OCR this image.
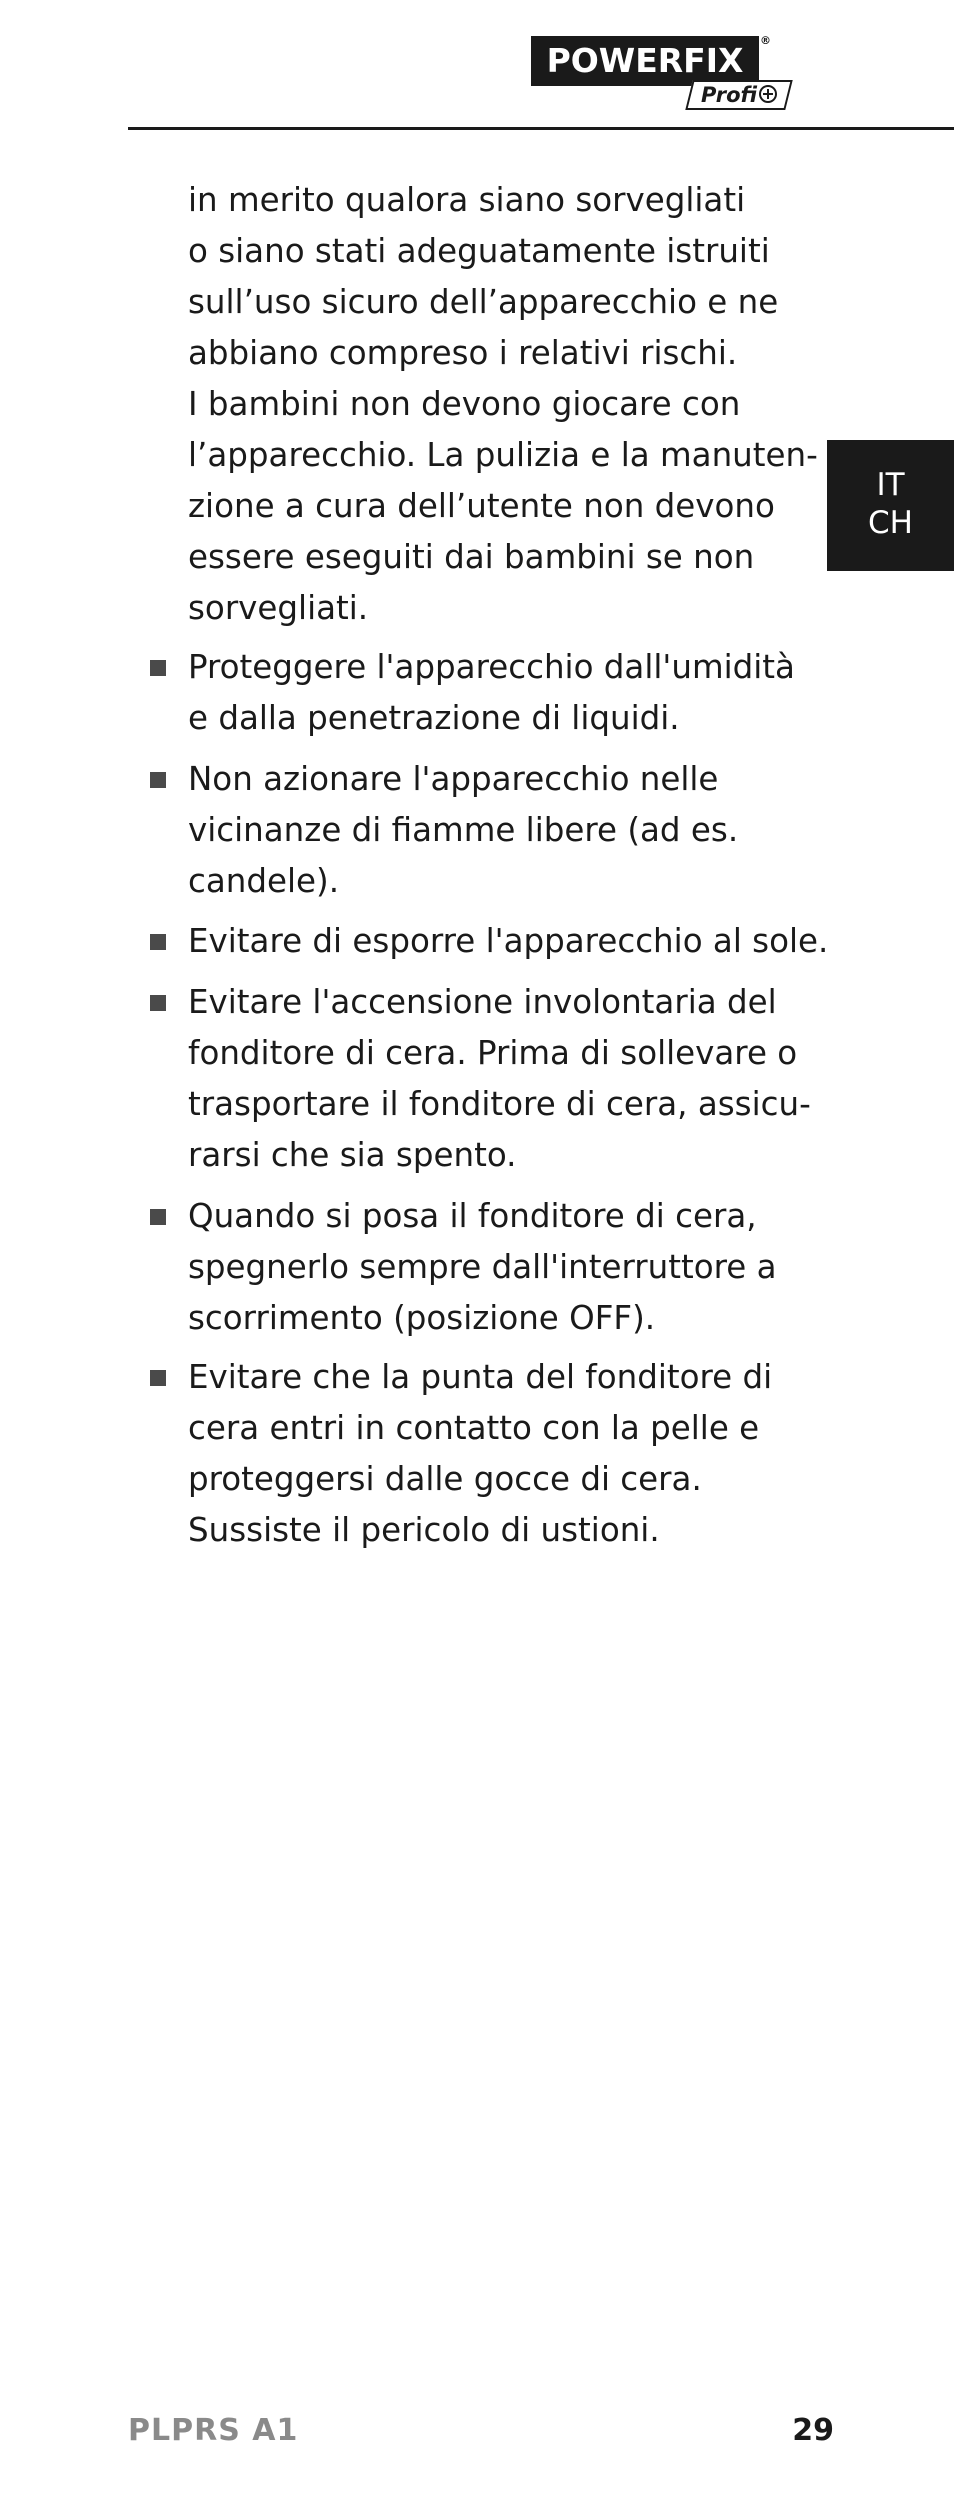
POWERFIX
®
Profi
IT
CH
in merito qualora siano sorvegliati
o siano stati adeguatamente istruiti
sull’uso sicuro dell’apparecchio e ne
abbiano compreso i relativi rischi.
I bambini non devono giocare con
l’apparecchio. La pulizia e la manuten-
zione a cura dell’utente non devono
essere eseguiti dai bambini se non
sorvegliati.
Proteggere l'apparecchio dall'umidità
e dalla penetrazione di liquidi.
Non azionare l'apparecchio nelle
vicinanze di fiamme libere (ad es.
candele).
Evitare di esporre l'apparecchio al sole.
Evitare l'accensione involontaria del
fonditore di cera. Prima di sollevare o
trasportare il fonditore di cera, assicu-
rarsi che sia spento.
Quando si posa il fonditore di cera,
spegnerlo sempre dall'interruttore a
scorrimento (posizione OFF).
Evitare che la punta del fonditore di
cera entri in contatto con la pelle e
proteggersi dalle gocce di cera.
Sussiste il pericolo di ustioni.
PLPRS A1	29
